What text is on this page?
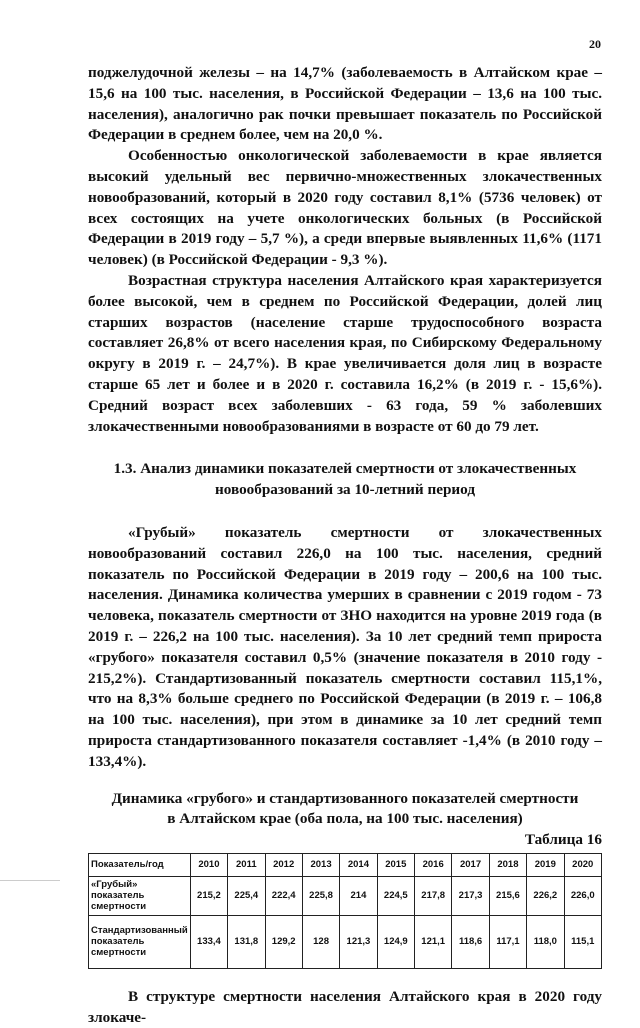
20

поджелудочной железы – на 14,7% (заболеваемость в Алтайском крае – 15,6 на 100 тыс. населения, в Российской Федерации – 13,6 на 100 тыс. населения), аналогично рак почки превышает показатель по Российской Федерации в среднем более, чем на 20,0 %.

Особенностью онкологической заболеваемости в крае является высокий удельный вес первично-множественных злокачественных новообразований, который в 2020 году составил 8,1% (5736 человек) от всех состоящих на учете онкологических больных (в Российской Федерации в 2019 году – 5,7 %), а среди впервые выявленных 11,6% (1171 человек) (в Российской Федерации - 9,3 %).

Возрастная структура населения Алтайского края характеризуется более высокой, чем в среднем по Российской Федерации, долей лиц старших возрастов (население старше трудоспособного возраста составляет 26,8% от всего населения края, по Сибирскому Федеральному округу в 2019 г. – 24,7%). В крае увеличивается доля лиц в возрасте старше 65 лет и более и в 2020 г. составила 16,2% (в 2019 г. - 15,6%). Средний возраст всех заболевших - 63 года, 59 % заболевших злокачественными новообразованиями в возрасте от 60 до 79 лет.

1.3. Анализ динамики показателей смертности от злокачественных новообразований за 10-летний период

«Грубый» показатель смертности от злокачественных новообразований составил 226,0 на 100 тыс. населения, средний показатель по Российской Федерации в 2019 году – 200,6 на 100 тыс. населения. Динамика количества умерших в сравнении с 2019 годом - 73 человека, показатель смертности от ЗНО находится на уровне 2019 года (в 2019 г. – 226,2 на 100 тыс. населения). За 10 лет средний темп прироста «грубого» показателя составил 0,5% (значение показателя в 2010 году - 215,2%). Стандартизованный показатель смертности составил 115,1%, что на 8,3% больше среднего по Российской Федерации (в 2019 г. – 106,8 на 100 тыс. населения), при этом в динамике за 10 лет средний темп прироста стандартизованного показателя составляет -1,4% (в 2010 году – 133,4%).

Динамика «грубого» и стандартизованного показателей смертности
в Алтайском крае (оба пола, на 100 тыс. населения)

Таблица 16

Показатель/год	2010	2011	2012	2013	2014	2015	2016	2017	2018	2019	2020
«Грубый» показатель смертности	215,2	225,4	222,4	225,8	214	224,5	217,8	217,3	215,6	226,2	226,0
Стандартизованный показатель смертности	133,4	131,8	129,2	128	121,3	124,9	121,1	118,6	117,1	118,0	115,1

В структуре смертности населения Алтайского края в 2020 году злокаче-
